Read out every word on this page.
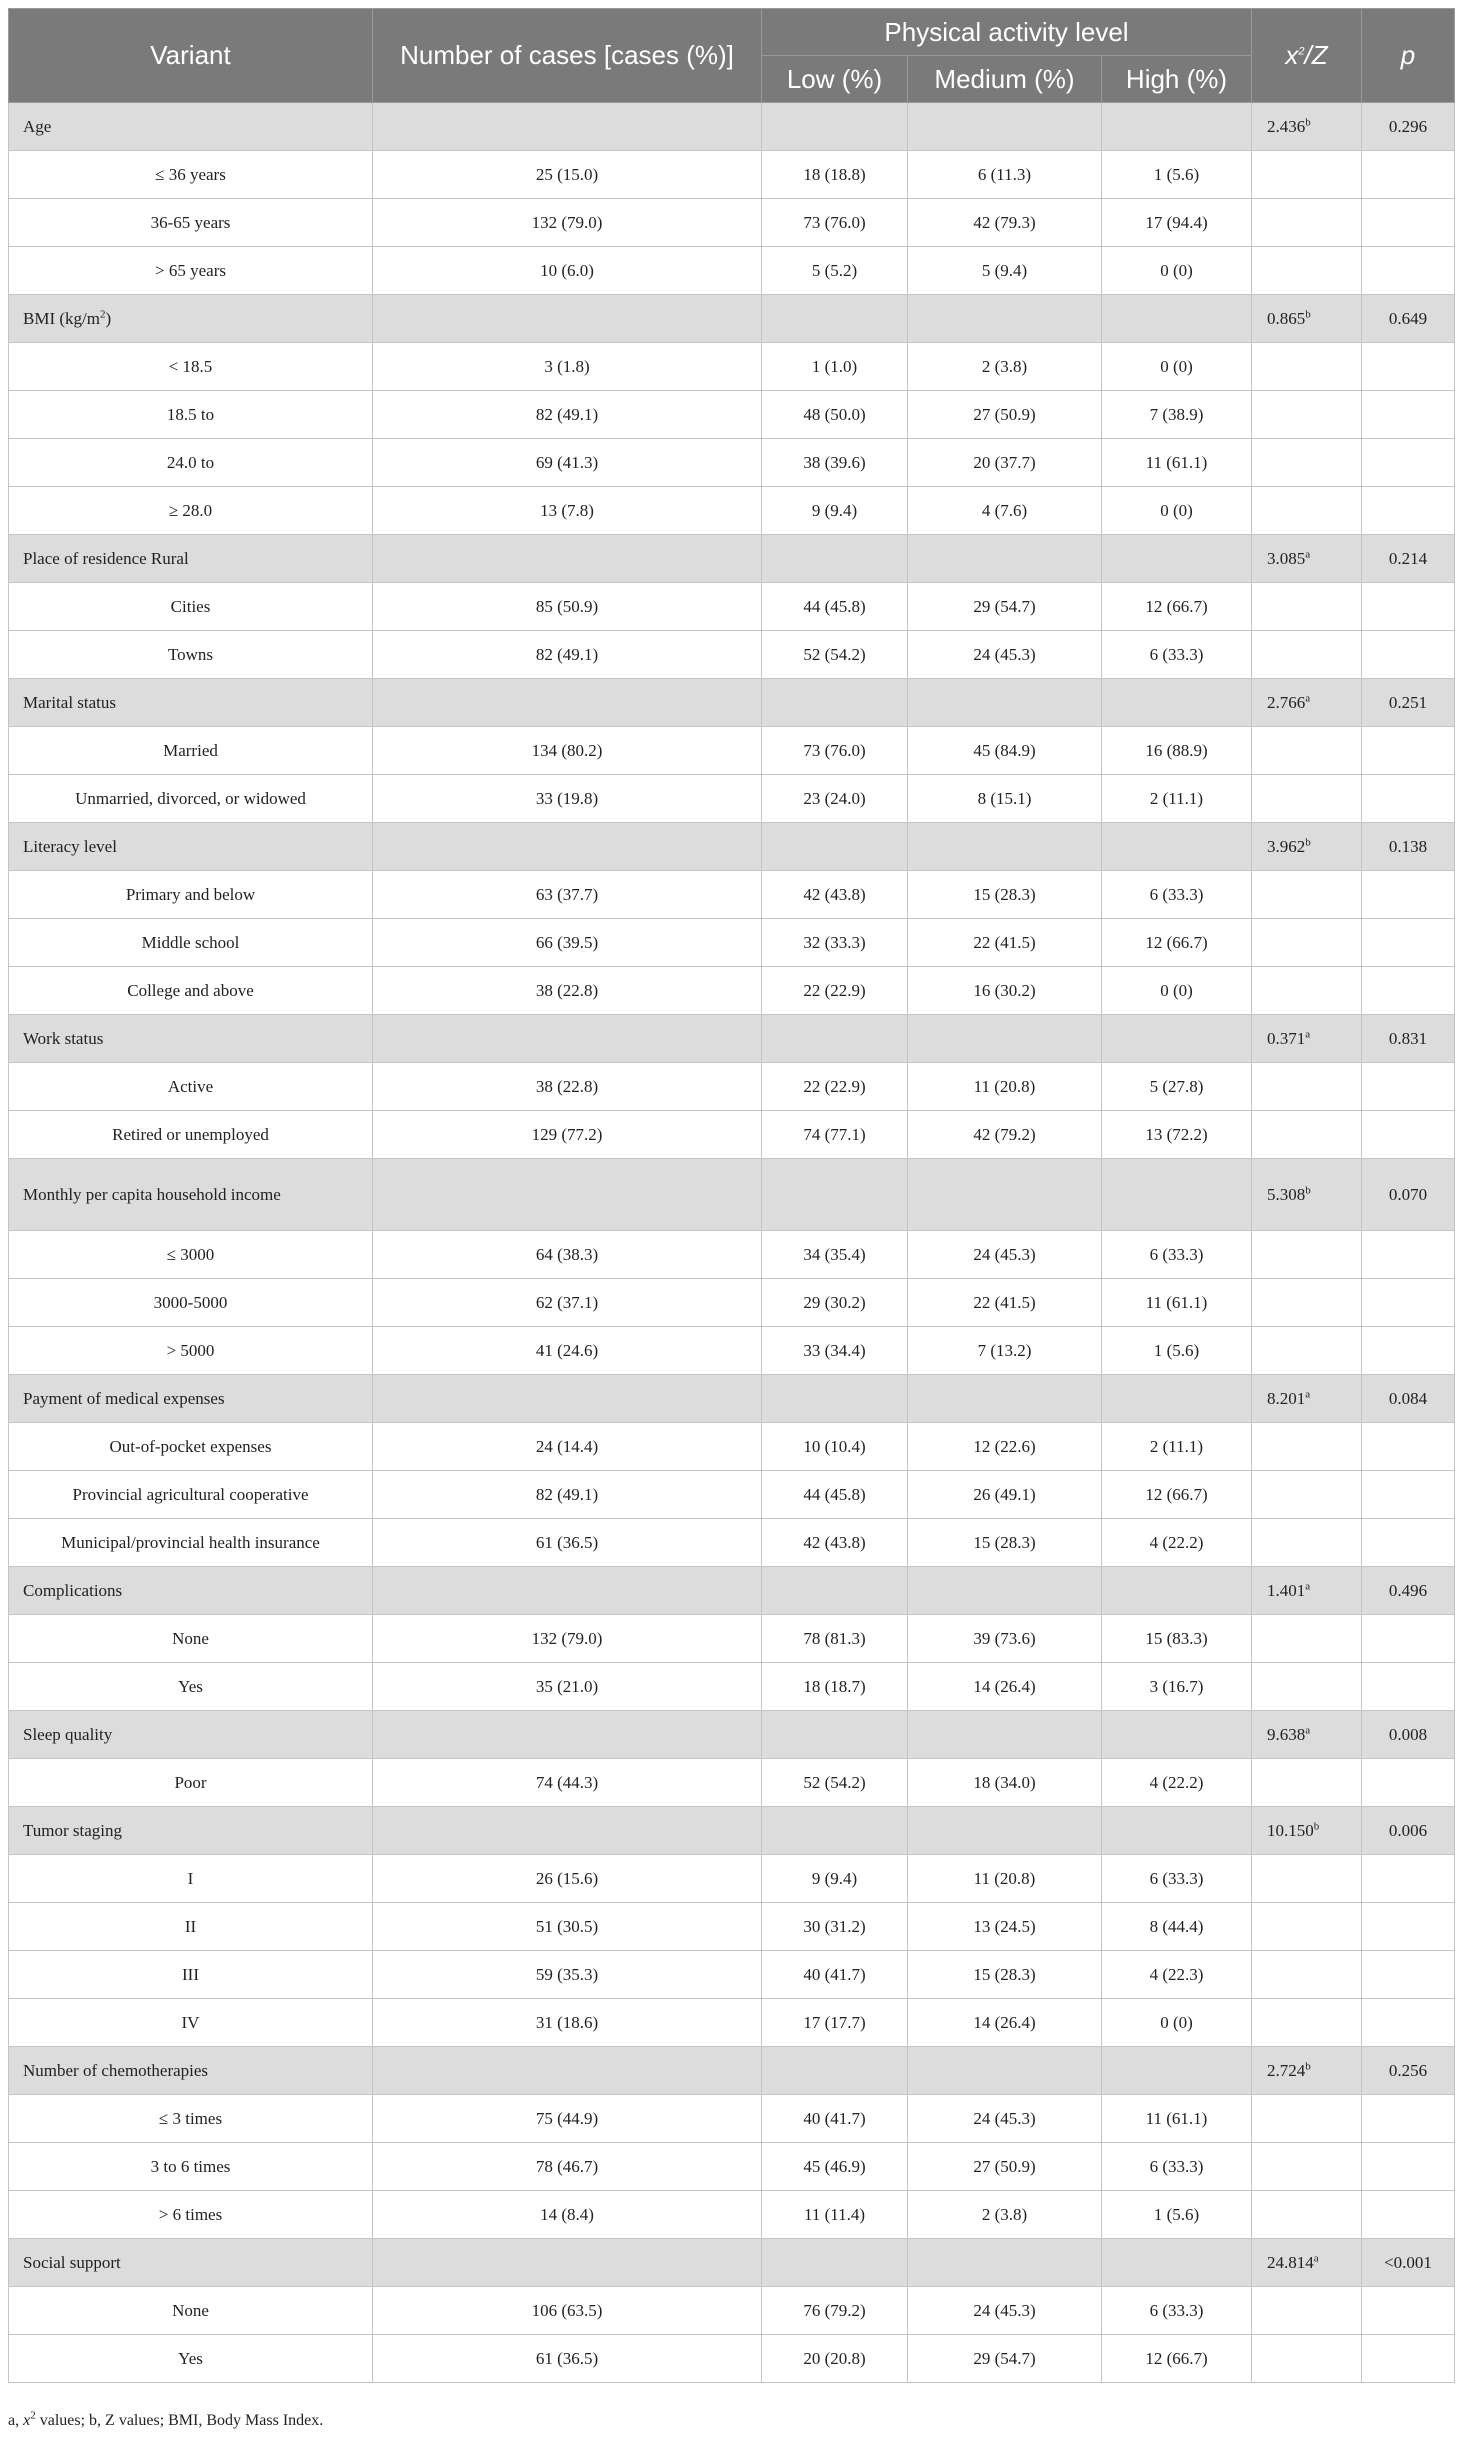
Variant	Number of cases [cases (%)]	Physical activity level			$x^2/Z$	p
		Low (%)	Medium (%)	High (%)		
Age					2.436$^b$	0.296
≤ 36 years	25 (15.0)	18 (18.8)	6 (11.3)	1 (5.6)		
36-65 years	132 (79.0)	73 (76.0)	42 (79.3)	17 (94.4)		
> 65 years	10 (6.0)	5 (5.2)	5 (9.4)	0 (0)		
BMI $(kg/m^2)$					0.865$^b$	0.649
< 18.5	3 (1.8)	1 (1.0)	2 (3.8)	0 (0)		
18.5 to	82 (49.1)	48 (50.0)	27 (50.9)	7 (38.9)		
24.0 to	69 (41.3)	38 (39.6)	20 (37.7)	11 (61.1)		
≥ 28.0	13 (7.8)	9 (9.4)	4 (7.6)	0 (0)		
Place of residence Rural					3.085$^a$	0.214
Cities	85 (50.9)	44 (45.8)	29 (54.7)	12 (66.7)		
Towns	82 (49.1)	52 (54.2)	24 (45.3)	6 (33.3)		
Marital status					2.766$^a$	0.251
Married	134 (80.2)	73 (76.0)	45 (84.9)	16 (88.9)		
Unmarried, divorced, or widowed	33 (19.8)	23 (24.0)	8 (15.1)	2 (11.1)		
Literacy level					3.962$^b$	0.138
Primary and below	63 (37.7)	42 (43.8)	15 (28.3)	6 (33.3)		
Middle school	66 (39.5)	32 (33.3)	22 (41.5)	12 (66.7)		
College and above	38 (22.8)	22 (22.9)	16 (30.2)	0 (0)		
Work status					0.371$^a$	0.831
Active	38 (22.8)	22 (22.9)	11 (20.8)	5 (27.8)		
Retired or unemployed	129 (77.2)	74 (77.1)	42 (79.2)	13 (72.2)		
Monthly per capita household income					5.308$^b$	0.070
≤ 3000	64 (38.3)	34 (35.4)	24 (45.3)	6 (33.3)		
3000-5000	62 (37.1)	29 (30.2)	22 (41.5)	11 (61.1)		
> 5000	41 (24.6)	33 (34.4)	7 (13.2)	1 (5.6)		
Payment of medical expenses					8.201$^a$	0.084
Out-of-pocket expenses	24 (14.4)	10 (10.4)	12 (22.6)	2 (11.1)		
Provincial agricultural cooperative	82 (49.1)	44 (45.8)	26 (49.1)	12 (66.7)		
Municipal/provincial health insurance	61 (36.5)	42 (43.8)	15 (28.3)	4 (22.2)		
Complications					1.401$^a$	0.496
None	132 (79.0)	78 (81.3)	39 (73.6)	15 (83.3)		
Yes	35 (21.0)	18 (18.7)	14 (26.4)	3 (16.7)		
Sleep quality					9.638$^a$	0.008
Poor	74 (44.3)	52 (54.2)	18 (34.0)	4 (22.2)		
Tumor staging					10.150$^b$	0.006
I	26 (15.6)	9 (9.4)	11 (20.8)	6 (33.3)		
II	51 (30.5)	30 (31.2)	13 (24.5)	8 (44.4)		
III	59 (35.3)	40 (41.7)	15 (28.3)	4 (22.3)		
IV	31 (18.6)	17 (17.7)	14 (26.4)	0 (0)		
Number of chemotherapies					2.724$^b$	0.256
≤ 3 times	75 (44.9)	40 (41.7)	24 (45.3)	11 (61.1)		
3 to 6 times	78 (46.7)	45 (46.9)	27 (50.9)	6 (33.3)		
> 6 times	14 (8.4)	11 (11.4)	2 (3.8)	1 (5.6)		
Social support					24.814$^a$	<0.001
None	106 (63.5)	76 (79.2)	24 (45.3)	6 (33.3)		
Yes	61 (36.5)	20 (20.8)	29 (54.7)	12 (66.7)		
a, $x^2$ values; b, Z values; BMI, Body Mass Index.
